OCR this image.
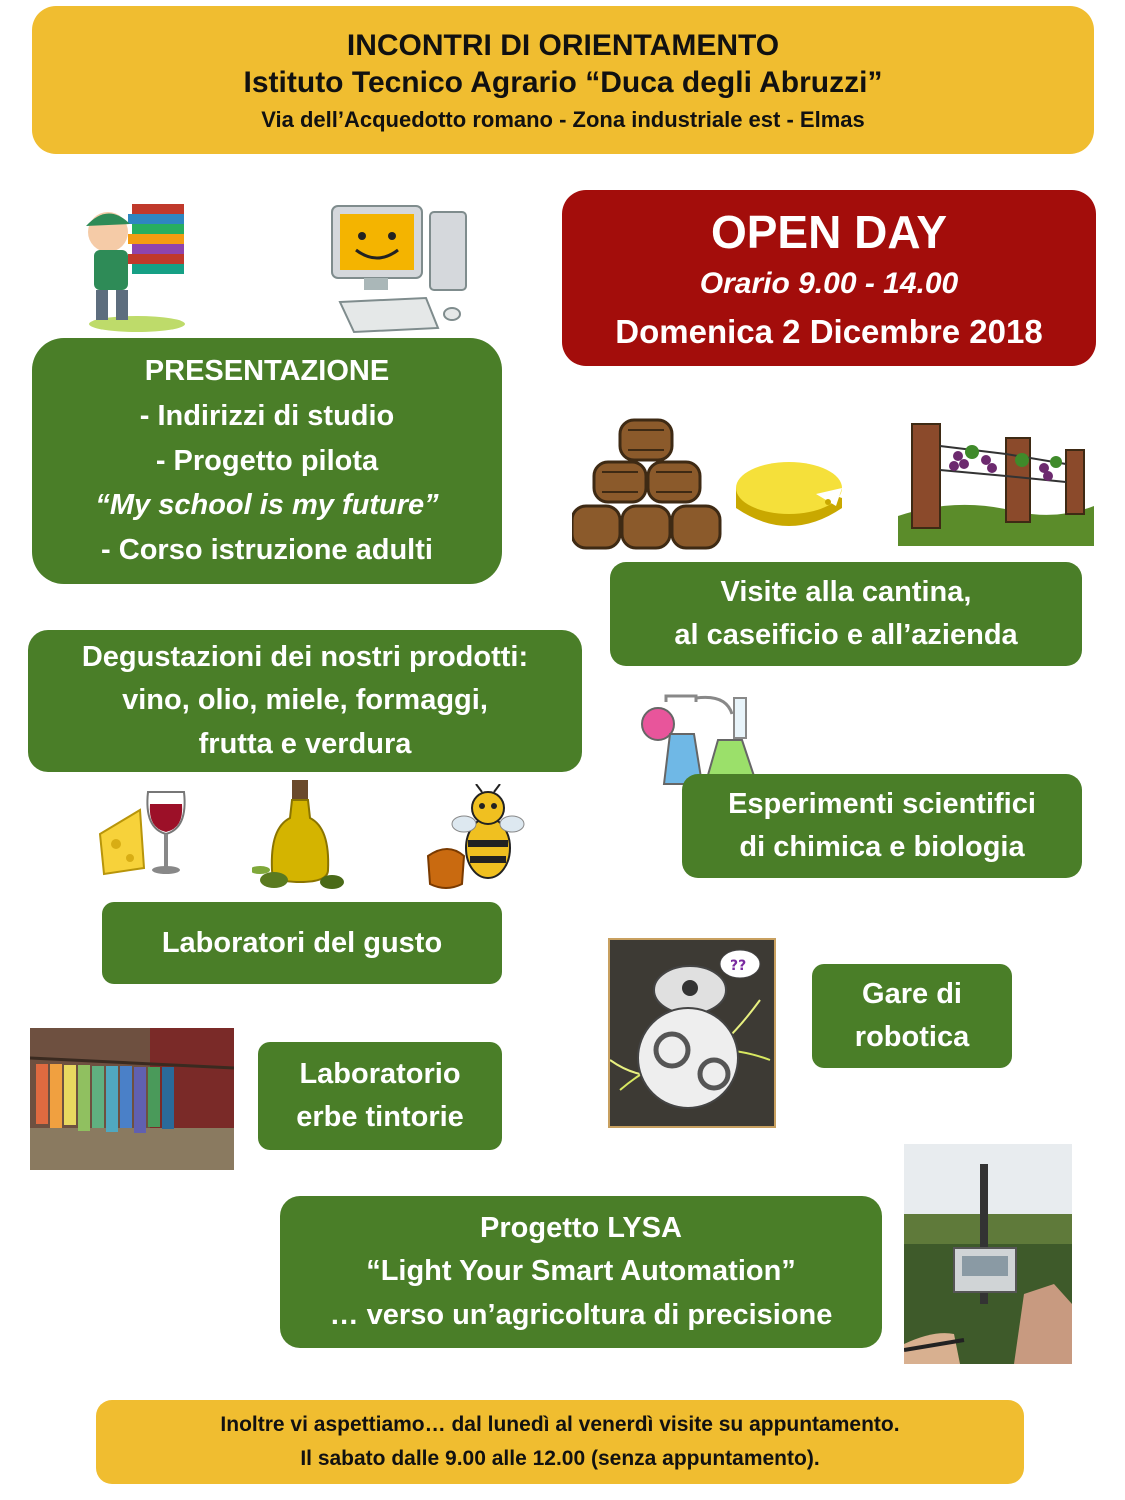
INCONTRI DI ORIENTAMENTO
Istituto Tecnico Agrario “Duca degli Abruzzi”
Via dell’Acquedotto romano - Zona industriale est - Elmas
OPEN DAY
Orario 9.00 - 14.00
Domenica 2 Dicembre 2018
PRESENTAZIONE
- Indirizzi di studio
- Progetto pilota
“My school is my future”
- Corso istruzione adulti
Visite alla cantina,
al caseificio e all’azienda
Degustazioni dei nostri prodotti:
vino, olio, miele, formaggi,
frutta e verdura
Esperimenti scientifici
di chimica e biologia
Laboratori del gusto
??
Gare di
robotica
Laboratorio
erbe tintorie
Progetto LYSA
“Light Your Smart Automation”
… verso un’agricoltura di precisione
Inoltre vi aspettiamo… dal lunedì al venerdì visite su appuntamento.
Il sabato dalle 9.00 alle 12.00 (senza appuntamento).
